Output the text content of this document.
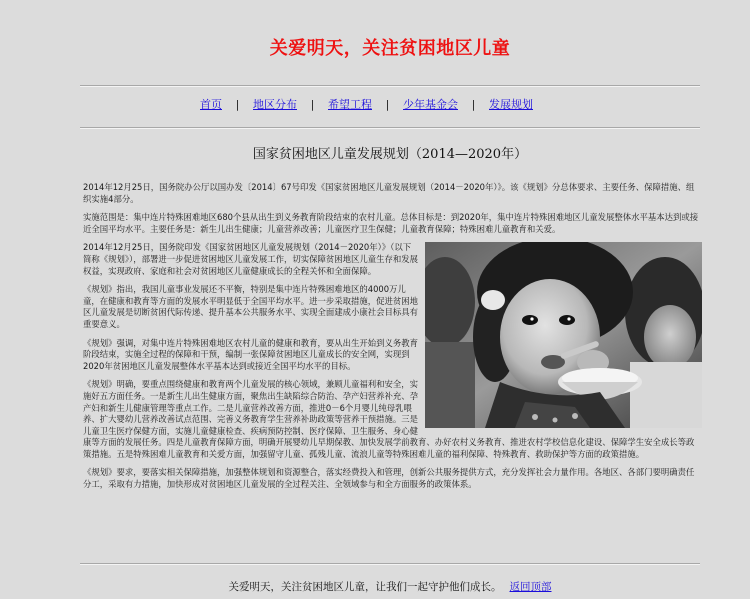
关爱明天，关注贫困地区儿童
首页 | 地区分布 | 希望工程 | 少年基金会 | 发展规划
国家贫困地区儿童发展规划（2014—2020年）

2014年12月25日，国务院办公厅以国办发〔2014〕67号印发《国家贫困地区儿童发展规划（2014－2020年）》。该《规划》分总体要求、主要任务、保障措施、组织实施4部分。

实施范围是：集中连片特殊困难地区680个县从出生到义务教育阶段结束的农村儿童。总体目标是：到2020年，集中连片特殊困难地区儿童发展整体水平基本达到或接近全国平均水平。主要任务是：新生儿出生健康；儿童营养改善；儿童医疗卫生保健；儿童教育保障；特殊困难儿童教育和关爱。

2014年12月25日，国务院印发《国家贫困地区儿童发展规划（2014－2020年）》（以下简称《规划》），部署进一步促进贫困地区儿童发展工作，切实保障贫困地区儿童生存和发展权益，实现政府、家庭和社会对贫困地区儿童健康成长的全程关怀和全面保障。

《规划》指出，我国儿童事业发展还不平衡，特别是集中连片特殊困难地区的4000万儿童，在健康和教育等方面的发展水平明显低于全国平均水平。进一步采取措施，促进贫困地区儿童发展是切断贫困代际传递、提升基本公共服务水平、实现全面建成小康社会目标具有重要意义。

《规划》强调，对集中连片特殊困难地区农村儿童的健康和教育，要从出生开始到义务教育阶段结束，实施全过程的保障和干预，编制一张保障贫困地区儿童成长的安全网，实现到2020年贫困地区儿童发展整体水平基本达到或接近全国平均水平的目标。

《规划》明确，要重点围绕健康和教育两个儿童发展的核心领域，兼顾儿童福利和安全，实施好五方面任务。一是新生儿出生健康方面，聚焦出生缺陷综合防治、孕产妇营养补充、孕产妇和新生儿健康管理等重点工作。二是儿童营养改善方面，推进0－6个月婴儿纯母乳喂养、扩大婴幼儿营养改善试点范围、完善义务教育学生营养补助政策等营养干预措施。三是儿童卫生医疗保健方面，实施儿童健康检查、疾病预防控制、医疗保障、卫生服务、身心健康等方面的发展任务。四是儿童教育保障方面，明确开展婴幼儿早期保教、加快发展学前教育、办好农村义务教育、推进农村学校信息化建设、保障学生安全成长等政策措施。五是特殊困难儿童教育和关爱方面，加强留守儿童、孤残儿童、流浪儿童等特殊困难儿童的福利保障、特殊教育、救助保护等方面的政策措施。

《规划》要求，要落实相关保障措施，加强整体规划和资源整合，落实经费投入和管理，创新公共服务提供方式，充分发挥社会力量作用。各地区、各部门要明确责任分工，采取有力措施，加快形成对贫困地区儿童发展的全过程关注、全领域参与和全方面服务的政策体系。

关爱明天，关注贫困地区儿童，让我们一起守护他们成长。 返回顶部
